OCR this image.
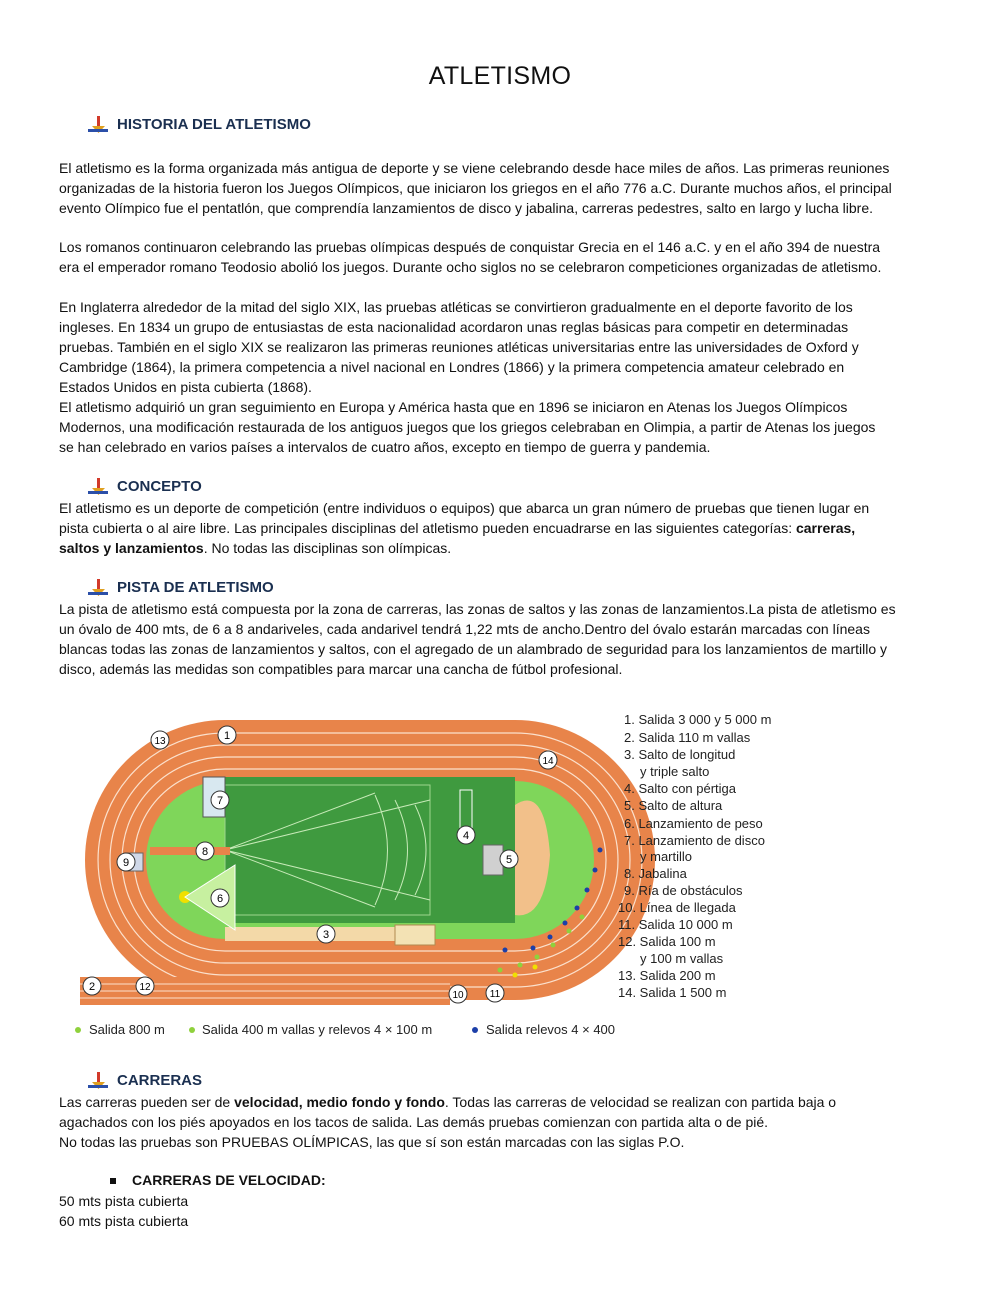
ATLETISMO
HISTORIA DEL ATLETISMO
El atletismo es la forma organizada más antigua de deporte y se viene celebrando desde hace miles de años. Las primeras reuniones
organizadas de la historia fueron los Juegos Olímpicos, que iniciaron los griegos en el año 776 a.C. Durante muchos años, el principal
evento Olímpico fue el pentatlón, que comprendía lanzamientos de disco y jabalina, carreras pedestres, salto en largo y lucha libre.
Los romanos continuaron celebrando las pruebas olímpicas después de conquistar Grecia en el 146 a.C. y en el año 394 de nuestra
era el emperador romano Teodosio abolió los juegos. Durante ocho siglos no se celebraron competiciones organizadas de atletismo.
En Inglaterra alrededor de la mitad del siglo XIX, las pruebas atléticas se convirtieron gradualmente en el deporte favorito de los
ingleses. En 1834 un grupo de entusiastas de esta nacionalidad acordaron unas reglas básicas para competir en determinadas
pruebas. También en el siglo XIX se realizaron las primeras reuniones atléticas universitarias entre las universidades de Oxford y
Cambridge (1864), la primera competencia a nivel nacional en Londres (1866) y la primera competencia amateur celebrado en
Estados Unidos en pista cubierta (1868).
El atletismo adquirió un gran seguimiento en Europa y América hasta que en 1896 se iniciaron en Atenas los Juegos Olímpicos
Modernos, una modificación restaurada de los antiguos juegos que los griegos celebraban en Olimpia, a partir de Atenas los juegos
se han celebrado en varios países a intervalos de cuatro años, excepto en tiempo de guerra y pandemia.
CONCEPTO
El atletismo es un deporte de competición (entre individuos o equipos) que abarca un gran número de pruebas que tienen lugar en
pista cubierta o al aire libre. Las principales disciplinas del atletismo pueden encuadrarse en las siguientes categorías: carreras,
saltos y lanzamientos. No todas las disciplinas son olímpicas.
PISTA DE ATLETISMO
La pista de atletismo está compuesta por la zona de carreras, las zonas de saltos y las zonas de lanzamientos.La pista de atletismo es
un óvalo de 400 mts, de 6 a 8 andariveles, cada andarivel tendrá 1,22 mts de ancho.Dentro del óvalo estarán marcadas con líneas
blancas todas las zonas de lanzamientos y saltos, con el agregado de un alambrado de seguridad para los lanzamientos de martillo y
disco, además las medidas son compatibles para marcar una cancha de fútbol profesional.
1
2
3
4
5
6
7
8
9
10	11
12
13
14
1. Salida 3 000 y 5 000 m
2. Salida 110 m vallas
3. Salto de longitud
y triple salto
4. Salto con pértiga
5. Salto de altura
6. Lanzamiento de peso
7. Lanzamiento de disco
y martillo
8. Jabalina
9. Ría de obstáculos
10. Línea de llegada
11. Salida 10 000 m
12. Salida 100 m
y 100 m vallas
13. Salida 200 m
14. Salida 1 500 m
Salida 800 m	Salida 400 m vallas y relevos 4 × 100 m	Salida relevos 4 × 400
CARRERAS
Las carreras pueden ser de velocidad, medio fondo y fondo. Todas las carreras de velocidad se realizan con partida baja o
agachados con los piés apoyados en los tacos de salida. Las demás pruebas comienzan con partida alta o de pié.
No todas las pruebas son PRUEBAS OLÍMPICAS, las que sí son están marcadas con las siglas P.O.
CARRERAS DE VELOCIDAD:
50 mts pista cubierta
60 mts pista cubierta
